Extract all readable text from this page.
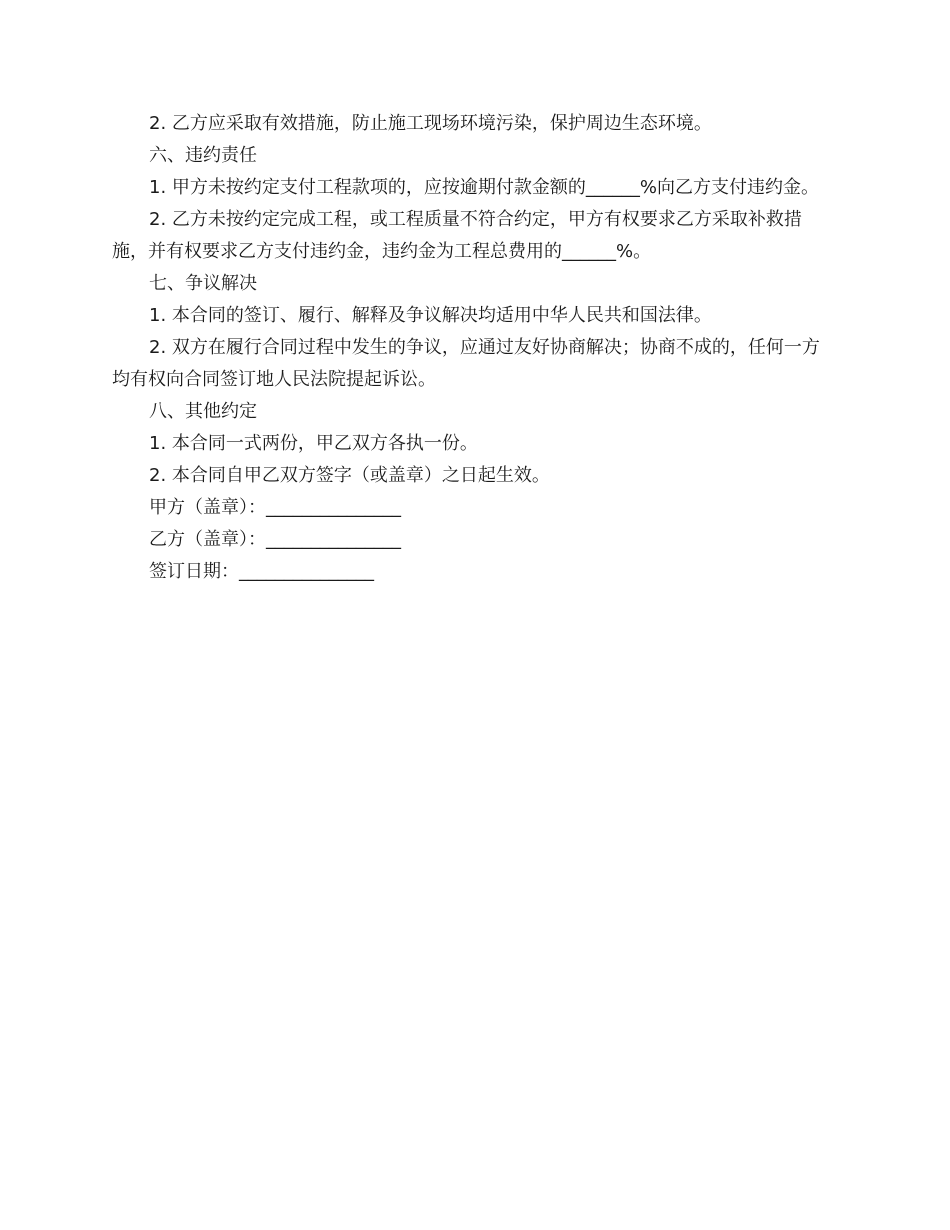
2. 乙方应采取有效措施，防止施工现场环境污染，保护周边生态环境。

六、违约责任

1. 甲方未按约定支付工程款项的，应按逾期付款金额的______%向乙方支付违约金。

2. 乙方未按约定完成工程，或工程质量不符合约定，甲方有权要求乙方采取补救措施，并有权要求乙方支付违约金，违约金为工程总费用的______%。

七、争议解决

1. 本合同的签订、履行、解释及争议解决均适用中华人民共和国法律。

2. 双方在履行合同过程中发生的争议，应通过友好协商解决；协商不成的，任何一方均有权向合同签订地人民法院提起诉讼。

八、其他约定

1. 本合同一式两份，甲乙双方各执一份。

2. 本合同自甲乙双方签字（或盖章）之日起生效。

甲方（盖章）：_______________

乙方（盖章）：_______________

签订日期：_______________
